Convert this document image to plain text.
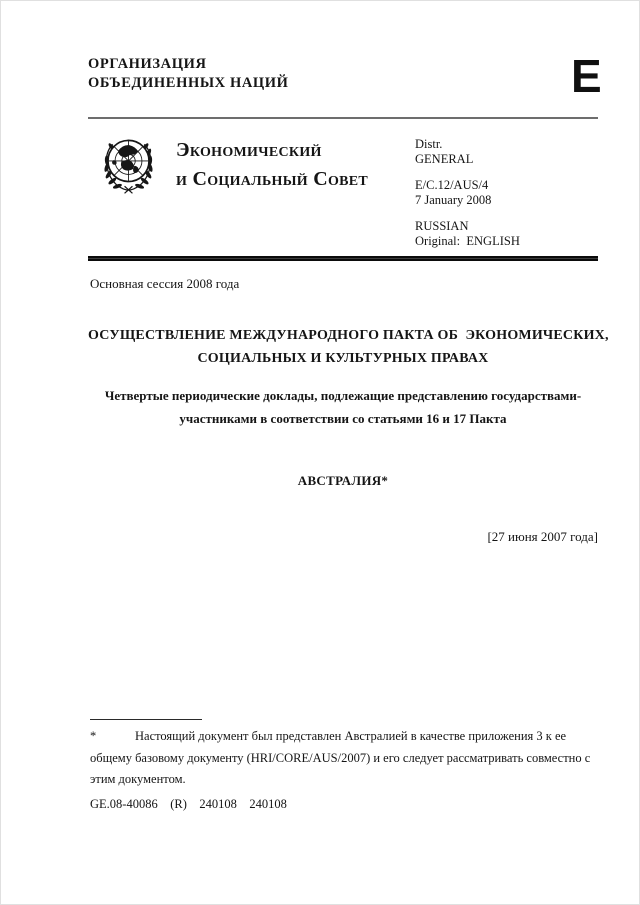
ОРГАНИЗАЦИЯ
ОБЪЕДИНЕННЫХ НАЦИЙ	E
Экономический
и Социальный Совет
Distr.
GENERAL
E/C.12/AUS/4
7 January 2008
RUSSIAN
Original:  ENGLISH
Основная сессия 2008 года
ОСУЩЕСТВЛЕНИЕ МЕЖДУНАРОДНОГО ПАКТА ОБ  ЭКОНОМИЧЕСКИХ,
СОЦИАЛЬНЫХ И КУЛЬТУРНЫХ ПРАВАХ
Четвертые периодические доклады, подлежащие представлению государствами-
участниками в соответствии со статьями 16 и 17 Пакта
АВСТРАЛИЯ*
[27 июня 2007 года]
*	Настоящий документ был представлен Австралией в качестве приложения 3 к ее общему базовому документу (HRI/CORE/AUS/2007) и его следует рассматривать совместно с этим документом.
GE.08-40086    (R)    240108    240108
